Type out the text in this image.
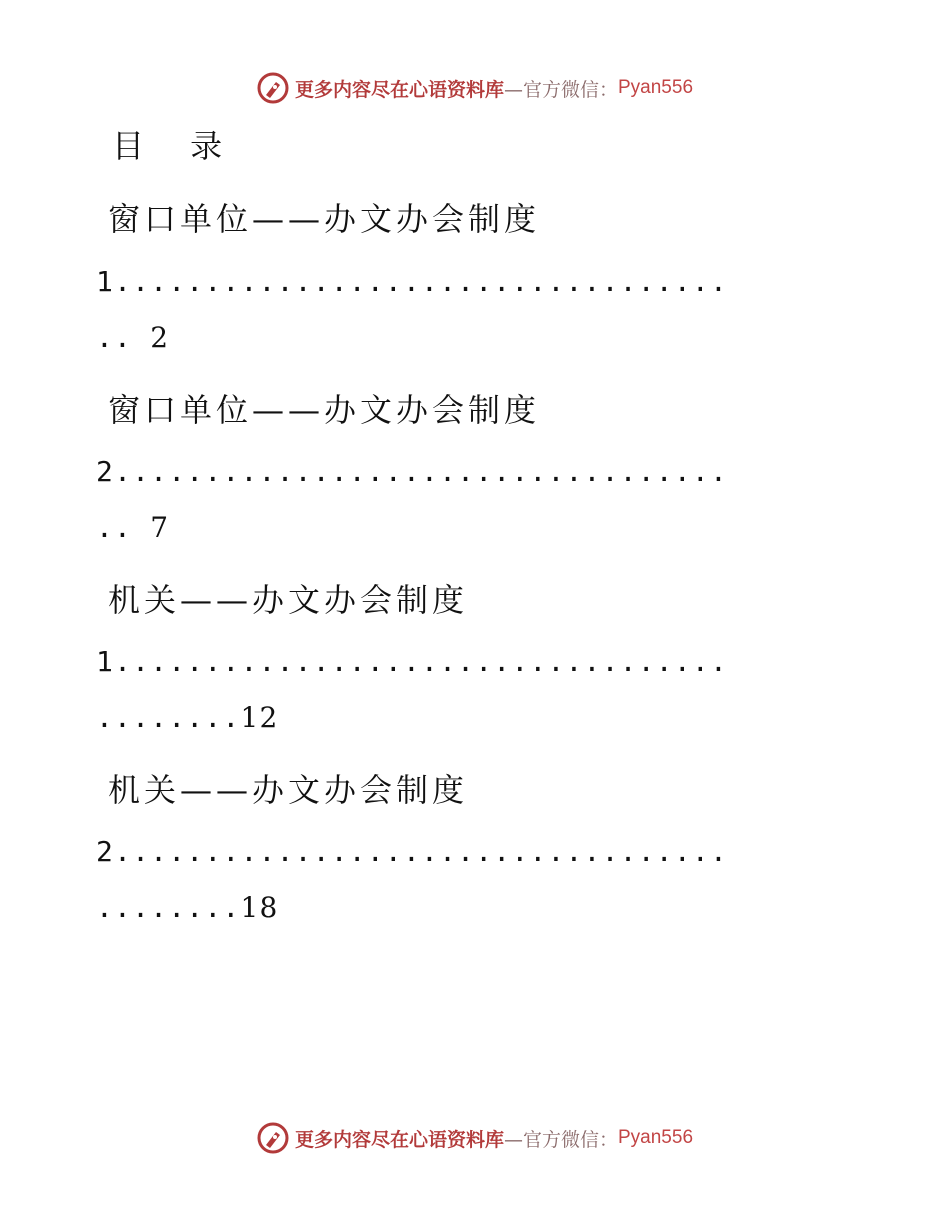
更多内容尽在心语资料库 —官方微信： Pyan556
目 录
窗口单位——办文办会制度
1..................................
.. 2
窗口单位——办文办会制度
2..................................
.. 7
机关——办文办会制度
1..................................
........12
机关——办文办会制度
2..................................
........18
更多内容尽在心语资料库 —官方微信： Pyan556
